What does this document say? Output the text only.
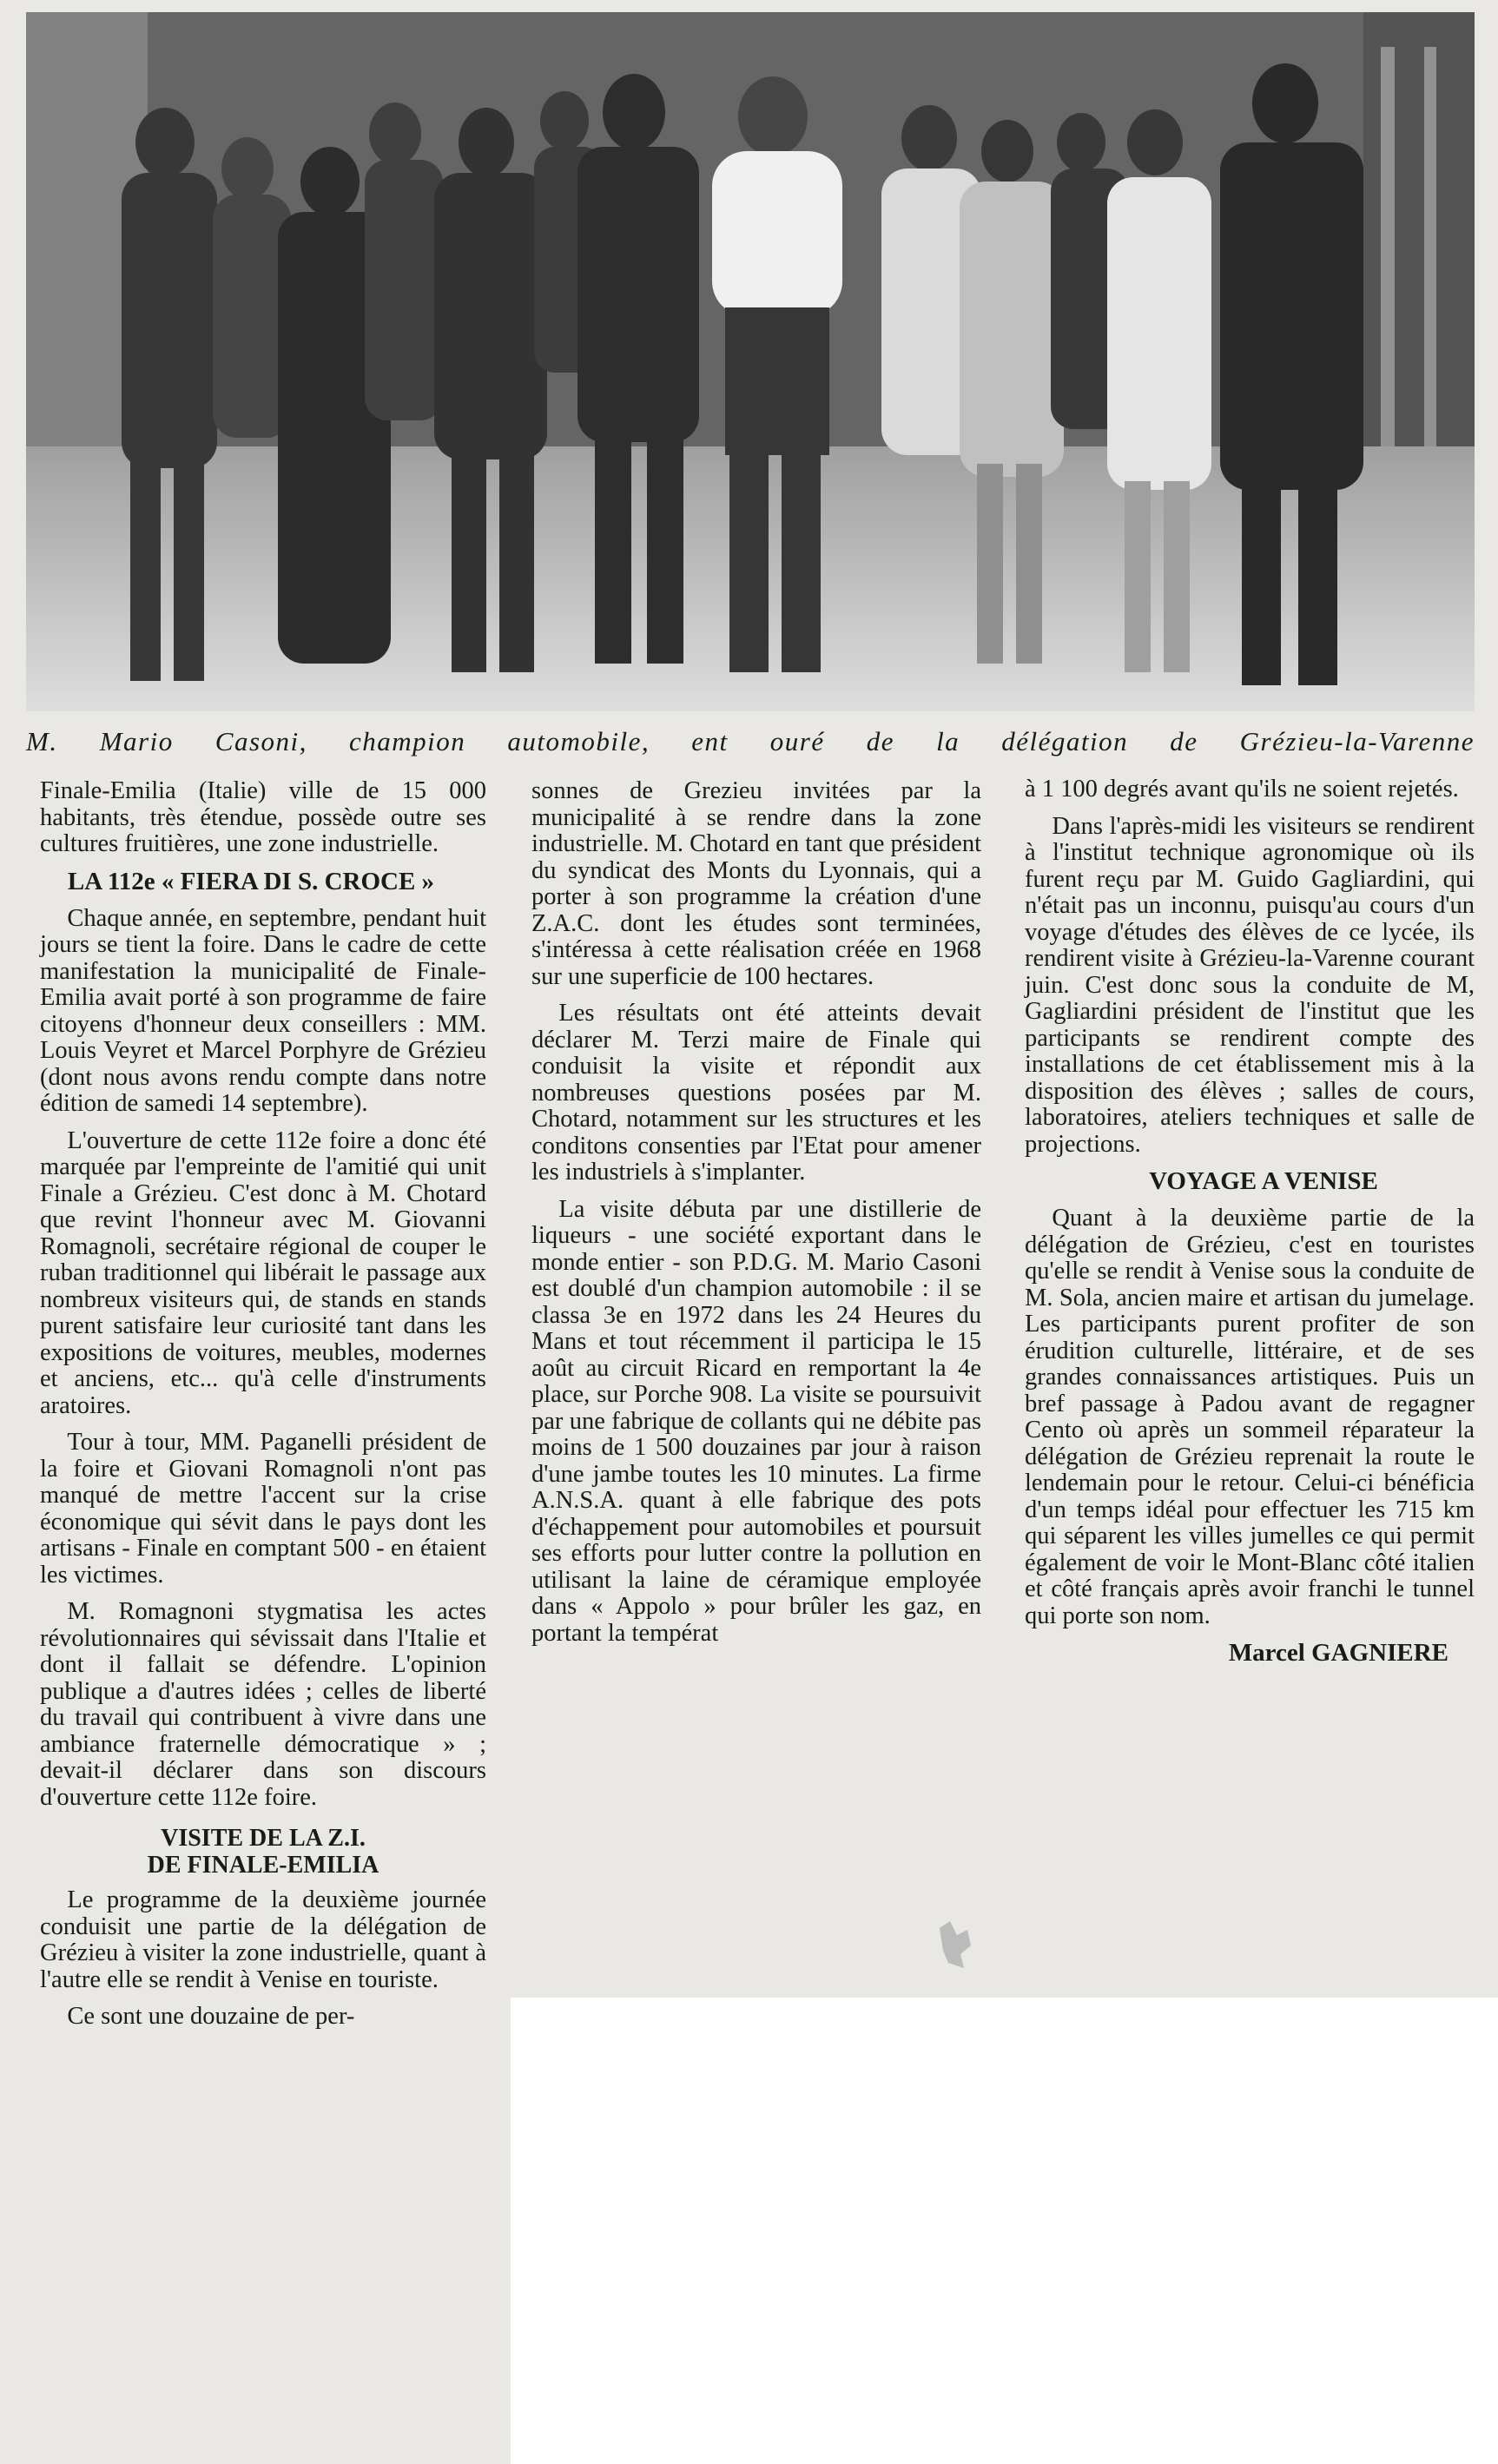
M. Mario Casoni, champion automobile, ent ouré de la délégation de Grézieu-la-Varenne

Finale-Emilia (Italie) ville de 15 000 habitants, très étendue, possède outre ses cultures fruitières, une zone industrielle.

LA 112e « FIERA DI S. CROCE »

Chaque année, en septembre, pendant huit jours se tient la foire. Dans le cadre de cette manifestation la municipalité de Finale-Emilia avait porté à son programme de faire citoyens d'honneur deux conseillers : MM. Louis Veyret et Marcel Porphyre de Grézieu (dont nous avons rendu compte dans notre édition de samedi 14 septembre).

L'ouverture de cette 112e foire a donc été marquée par l'empreinte de l'amitié qui unit Finale a Grézieu. C'est donc à M. Chotard que revint l'honneur avec M. Giovanni Romagnoli, secrétaire régional de couper le ruban traditionnel qui libérait le passage aux nombreux visiteurs qui, de stands en stands purent satisfaire leur curiosité tant dans les expositions de voitures, meubles, modernes et anciens, etc... qu'à celle d'instruments aratoires.

Tour à tour, MM. Paganelli président de la foire et Giovani Romagnoli n'ont pas manqué de mettre l'accent sur la crise économique qui sévit dans le pays dont les artisans - Finale en comptant 500 - en étaient les victimes.

M. Romagnoni stygmatisa les actes révolutionnaires qui sévissait dans l'Italie et dont il fallait se défendre. L'opinion publique a d'autres idées ; celles de liberté du travail qui contribuent à vivre dans une ambiance fraternelle démocratique » ; devait-il déclarer dans son discours d'ouverture cette 112e foire.

VISITE DE LA Z.I.
DE FINALE-EMILIA

Le programme de la deuxième journée conduisit une partie de la délégation de Grézieu à visiter la zone industrielle, quant à l'autre elle se rendit à Venise en touriste.

Ce sont une douzaine de per-

sonnes de Grezieu invitées par la municipalité à se rendre dans la zone industrielle. M. Chotard en tant que président du syndicat des Monts du Lyonnais, qui a porter à son programme la création d'une Z.A.C. dont les études sont terminées, s'intéressa à cette réalisation créée en 1968 sur une superficie de 100 hectares.

Les résultats ont été atteints devait déclarer M. Terzi maire de Finale qui conduisit la visite et répondit aux nombreuses questions posées par M. Chotard, notamment sur les structures et les conditons consenties par l'Etat pour amener les industriels à s'implanter.

La visite débuta par une distillerie de liqueurs - une société exportant dans le monde entier - son P.D.G. M. Mario Casoni est doublé d'un champion automobile : il se classa 3e en 1972 dans les 24 Heures du Mans et tout récemment il participa le 15 août au circuit Ricard en remportant la 4e place, sur Porche 908. La visite se poursuivit par une fabrique de collants qui ne débite pas moins de 1 500 douzaines par jour à raison d'une jambe toutes les 10 minutes. La firme A.N.S.A. quant à elle fabrique des pots d'échappement pour automobiles et poursuit ses efforts pour lutter contre la pollution en utilisant la laine de céramique employée dans « Appolo » pour brûler les gaz, en portant la températ

à 1 100 degrés avant qu'ils ne soient rejetés.

Dans l'après-midi les visiteurs se rendirent à l'institut technique agronomique où ils furent reçu par M. Guido Gagliardini, qui n'était pas un inconnu, puisqu'au cours d'un voyage d'études des élèves de ce lycée, ils rendirent visite à Grézieu-la-Varenne courant juin. C'est donc sous la conduite de M, Gagliardini président de l'institut que les participants se rendirent compte des installations de cet établissement mis à la disposition des élèves ; salles de cours, laboratoires, ateliers techniques et salle de projections.

VOYAGE A VENISE

Quant à la deuxième partie de la délégation de Grézieu, c'est en touristes qu'elle se rendit à Venise sous la conduite de M. Sola, ancien maire et artisan du jumelage. Les participants purent profiter de son érudition culturelle, littéraire, et de ses grandes connaissances artistiques. Puis un bref passage à Padou avant de regagner Cento où après un sommeil réparateur la délégation de Grézieu reprenait la route le lendemain pour le retour. Celui-ci bénéficia d'un temps idéal pour effectuer les 715 km qui séparent les villes jumelles ce qui permit également de voir le Mont-Blanc côté italien et côté français après avoir franchi le tunnel qui porte son nom.

Marcel GAGNIERE
